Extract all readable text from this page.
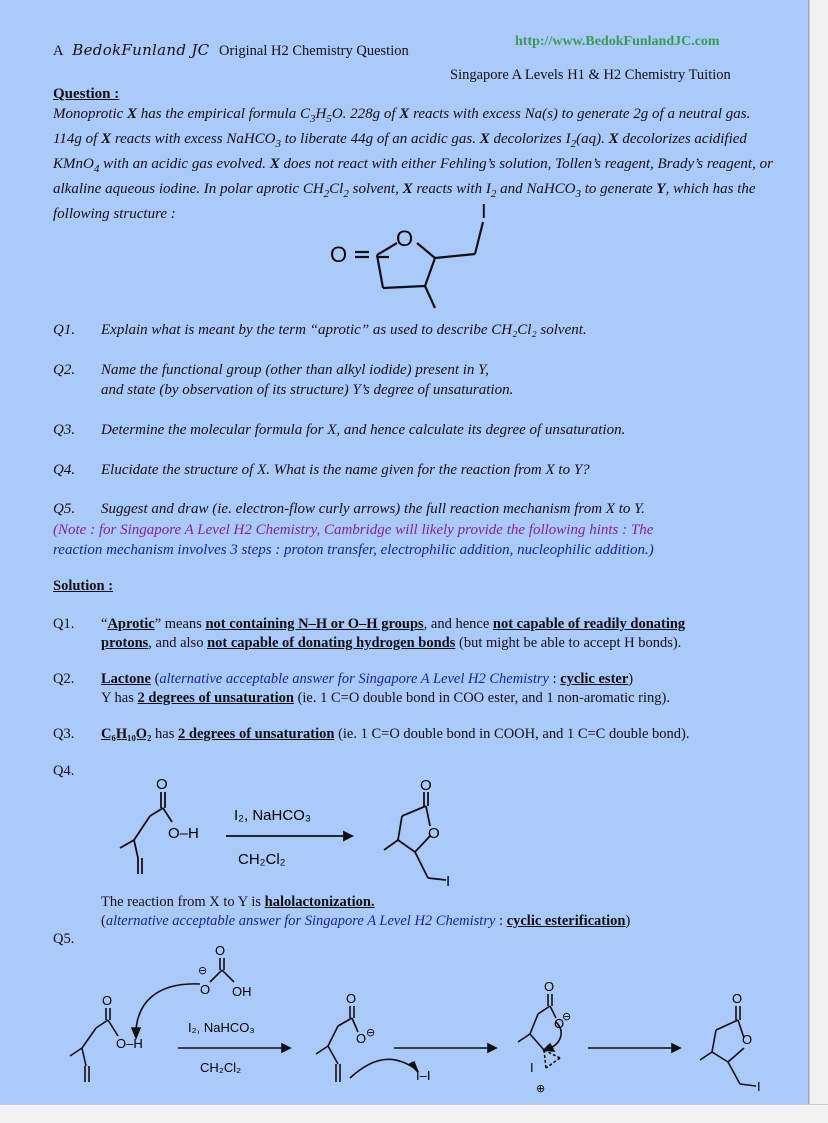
A BedokFunland JC Original H2 Chemistry Question
http://www.BedokFunlandJC.com
Singapore A Levels H1 & H2 Chemistry Tuition
Question :
Monoprotic X has the empirical formula $C_3H_5O$. 228g of X reacts with excess Na(s) to generate 2g of a neutral gas. 114g of X reacts with excess NaHCO$_3$ to liberate 44g of an acidic gas. X decolorizes $I_2(aq)$. X decolorizes acidified KMnO$_4$ with an acidic gas evolved. X does not react with either Fehling’s solution, Tollen’s reagent, Brady’s reagent, or alkaline aqueous iodine. In polar aprotic $CH_2Cl_2$ solvent, X reacts with $I_2$ and NaHCO$_3$ to generate Y, which has the following structure :
O
O
I
Q1. Explain what is meant by the term “aprotic” as used to describe CH₂Cl₂ solvent.
Q2. Name the functional group (other than alkyl iodide) present in Y,
and state (by observation of its structure) Y’s degree of unsaturation.
Q3. Determine the molecular formula for X, and hence calculate its degree of unsaturation.
Q4. Elucidate the structure of X. What is the name given for the reaction from X to Y?
Q5. Suggest and draw (ie. electron-flow curly arrows) the full reaction mechanism from X to Y.
(Note : for Singapore A Level H2 Chemistry, Cambridge will likely provide the following hints : The
reaction mechanism involves 3 steps : proton transfer, electrophilic addition, nucleophilic addition.)
Solution :
Q1. “Aprotic” means not containing N–H or O–H groups, and hence not capable of readily donating
protons, and also not capable of donating hydrogen bonds (but might be able to accept H bonds).
Q2. Lactone (alternative acceptable answer for Singapore A Level H2 Chemistry : cyclic ester)
Y has 2 degrees of unsaturation (ie. 1 C=O double bond in COO ester, and 1 non-aromatic ring).
Q3. C₆H₁₀O₂ has 2 degrees of unsaturation (ie. 1 C=O double bond in COOH, and 1 C=C double bond).
Q4.
O
O–H
I₂, NaHCO₃
CH₂Cl₂
O
O
I
The reaction from X to Y is halolactonization.
(alternative acceptable answer for Singapore A Level H2 Chemistry : cyclic esterification)
Q5.
O
O
⊖
OH
O
O–H
I₂, NaHCO₃
CH₂Cl₂
O
O ⊖
I–I
O
O
⊖
I
⊕
O
O
I
